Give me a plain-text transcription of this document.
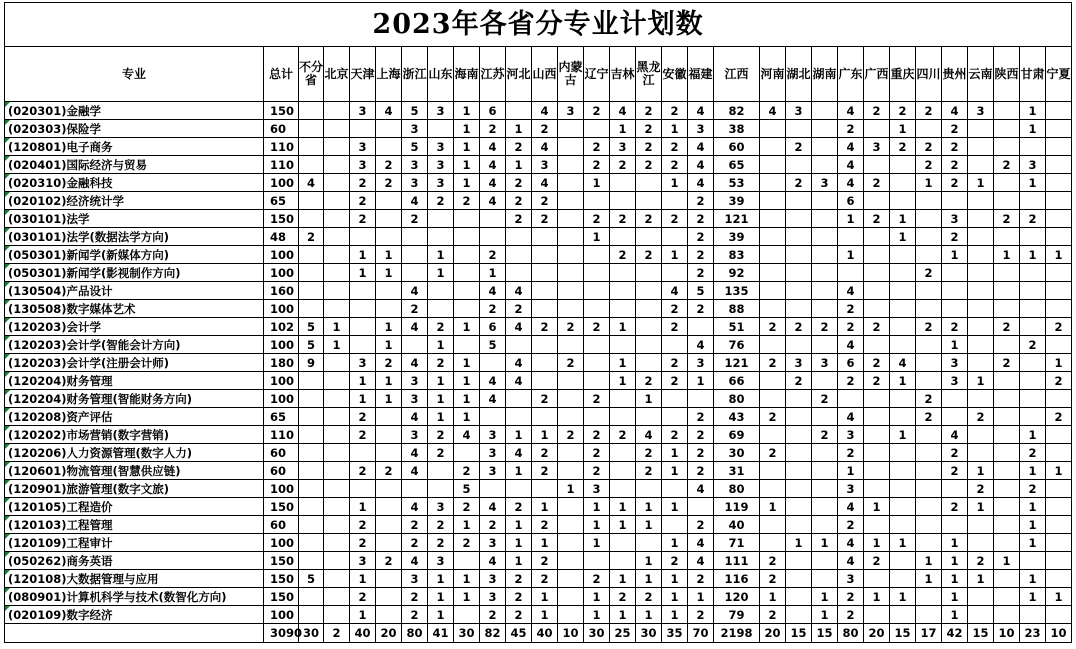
2023年各省分专业计划数
专业	总计	不分省	北京	天津	上海	浙江	山东	海南	江苏	河北	山西	内蒙古	辽宁	吉林	黑龙江	安徽	福建	江西	河南	湖北	湖南	广东	广西	重庆	四川	贵州	云南	陕西	甘肃	宁夏
(020301)金融学	150			3	4	5	3	1	6		4	3	2	4	2	2	4	82	4	3		4	2	2	2	4	3		1	
(020303)保险学	60					3		1	2	1	2			1	2	1	3	38				2		1		2			1	
(120801)电子商务	110			3		5	3	1	4	2	4		2	3	2	2	4	60		2		4	3	2	2	2				
(020401)国际经济与贸易	110			3	2	3	3	1	4	1	3		2	2	2	2	4	65				4			2	2		2	3	
(020310)金融科技	100	4		2	2	3	3	1	4	2	4		1			1	4	53		2	3	4	2		1	2	1		1	
(020102)经济统计学	65			2		4	2	2	4	2	2						2	39				6								
(030101)法学	150			2		2				2	2		2	2	2	2	2	121				1	2	1		3		2	2	
(030101)法学(数据法学方向)	48	2											1				2	39						1		2				
(050301)新闻学(新媒体方向)	100			1	1		1		2					2	2	1	2	83				1				1		1	1	1
(050301)新闻学(影视制作方向)	100			1	1		1		1								2	92							2					
(130504)产品设计	160					4			4	4						4	5	135				4								
(130508)数字媒体艺术	100					2			2	2						2	2	88				2								
(120203)会计学	102	5	1		1	4	2	1	6	4	2	2	2	1		2		51	2	2	2	2	2		2	2		2		2
(120203)会计学(智能会计方向)	100	5	1		1		1		5								4	76				4				1			2	
(120203)会计学(注册会计师)	180	9		3	2	4	2	1		4		2		1		2	3	121	2	3	3	6	2	4		3		2		1
(120204)财务管理	100			1	1	3	1	1	4	4				1	2	2	1	66		2		2	2	1		3	1			2
(120204)财务管理(智能财务方向)	100			1	1	3	1	1	4		2		2		1			80			2				2					
(120208)资产评估	65			2		4	1	1									2	43	2			4			2		2			2
(120202)市场营销(数字营销)	110			2		3	2	4	3	1	1	2	2	2	4	2	2	69			2	3		1		4			1	
(120206)人力资源管理(数字人力)	60					4	2		3	4	2		2		2	1	2	30	2			2				2			2	
(120601)物流管理(智慧供应链)	60			2	2	4		2	3	1	2		2		2	1	2	31				1				2	1		1	1
(120901)旅游管理(数字文旅)	100							5				1	3				4	80				3					2		2	
(120105)工程造价	150			1		4	3	2	4	2	1		1	1	1	1		119	1			4	1			2	1		1	
(120103)工程管理	60			2		2	2	1	2	1	2		1	1	1		2	40				2							1	
(120109)工程审计	100			2		2	2	2	3	1	1		1			1	4	71		1	1	4	1	1		1			1	
(050262)商务英语	150			3	2	4	3		4	1	2				1	2	4	111	2			4	2		1	1	2	1		
(120108)大数据管理与应用	150	5		1		3	1	1	3	2	2		2	1	1	1	2	116	2			3			1	1	1		1	
(080901)计算机科学与技术(数智化方向)	150			2		2	1	1	3	2	1		1	2	2	1	1	120	1		1	2	1	1		1			1	1
(020109)数字经济	100			1		2	1		2	2	1		1	1	1	1	2	79	2		1	2				1				
	3090	30	2	40	20	80	41	30	82	45	40	10	30	25	30	35	70	2198	20	15	15	80	20	15	17	42	15	10	23	10
